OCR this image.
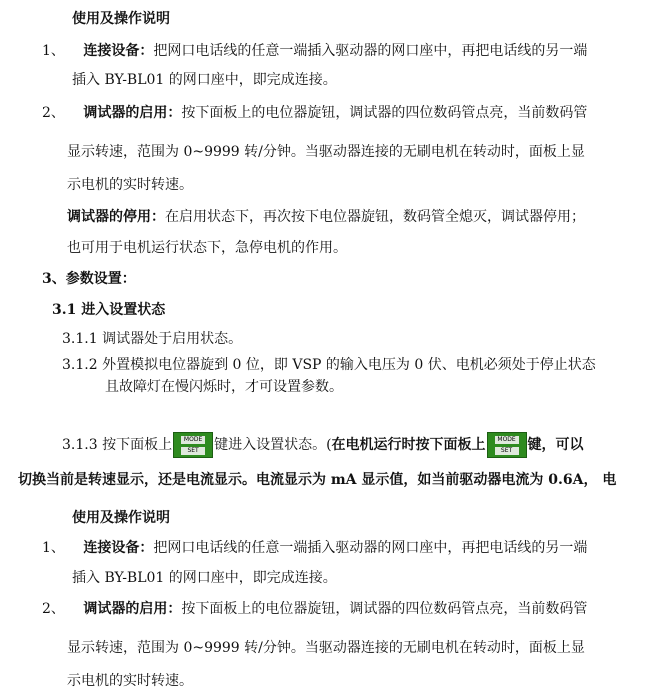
使用及操作说明
1、 连接设备：把网口电话线的任意一端插入驱动器的网口座中，再把电话线的另一端
插入 BY-BL01 的网口座中，即完成连接。
2、 调试器的启用：按下面板上的电位器旋钮，调试器的四位数码管点亮，当前数码管
显示转速，范围为 0~9999 转/分钟。当驱动器连接的无刷电机在转动时，面板上显
示电机的实时转速。
调试器的停用：在启用状态下，再次按下电位器旋钮，数码管全熄灭，调试器停用；
也可用于电机运行状态下，急停电机的作用。
3、参数设置：
3.1 进入设置状态
3.1.1 调试器处于启用状态。
3.1.2 外置模拟电位器旋到 0 位，即 VSP 的输入电压为 0 伏、电机必须处于停止状态
且故障灯在慢闪烁时，才可设置参数。
3.1.3 按下面板上	MODE
SET	键进入设置状态。(在电机运行时按下面板上	MODE
SET	键，可以
切换当前是转速显示，还是电流显示。电流显示为 mA 显示值，如当前驱动器电流为 0.6A， 电
使用及操作说明
1、 连接设备：把网口电话线的任意一端插入驱动器的网口座中，再把电话线的另一端
插入 BY-BL01 的网口座中，即完成连接。
2、 调试器的启用：按下面板上的电位器旋钮，调试器的四位数码管点亮，当前数码管
显示转速，范围为 0~9999 转/分钟。当驱动器连接的无刷电机在转动时，面板上显
示电机的实时转速。
